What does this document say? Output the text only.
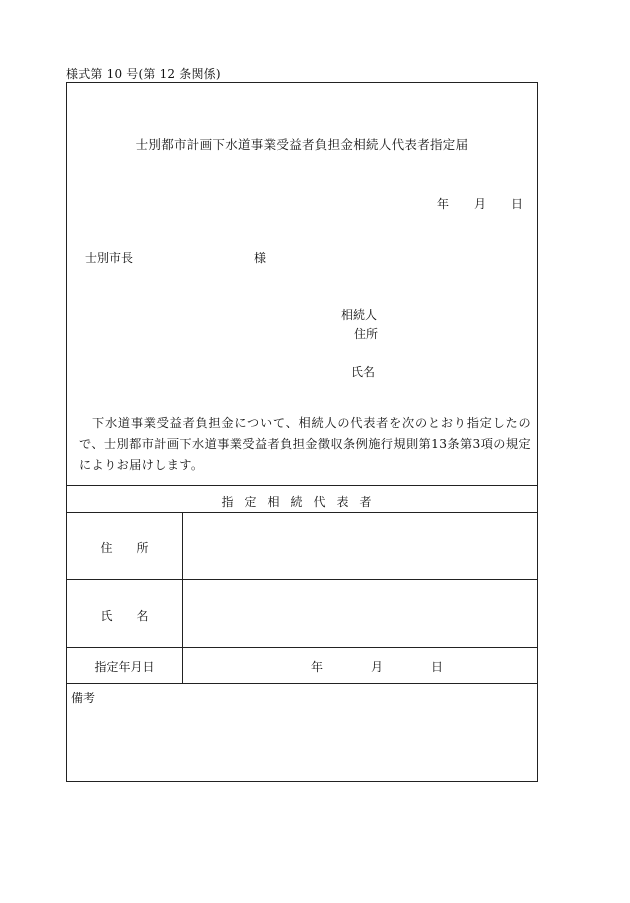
様式第 10 号(第 12 条関係)
士別都市計画下水道事業受益者負担金相続人代表者指定届
年 月 日
士別市長	様
相続人
住所
氏名
下水道事業受益者負担金について、相続人の代表者を次のとおり指定したので、士別都市計画下水道事業受益者負担金徴収条例施行規則第13条第3項の規定によりお届けします。
指定相続代表者
住　　所
氏　　名
指定年月日	年	月	日
備考
